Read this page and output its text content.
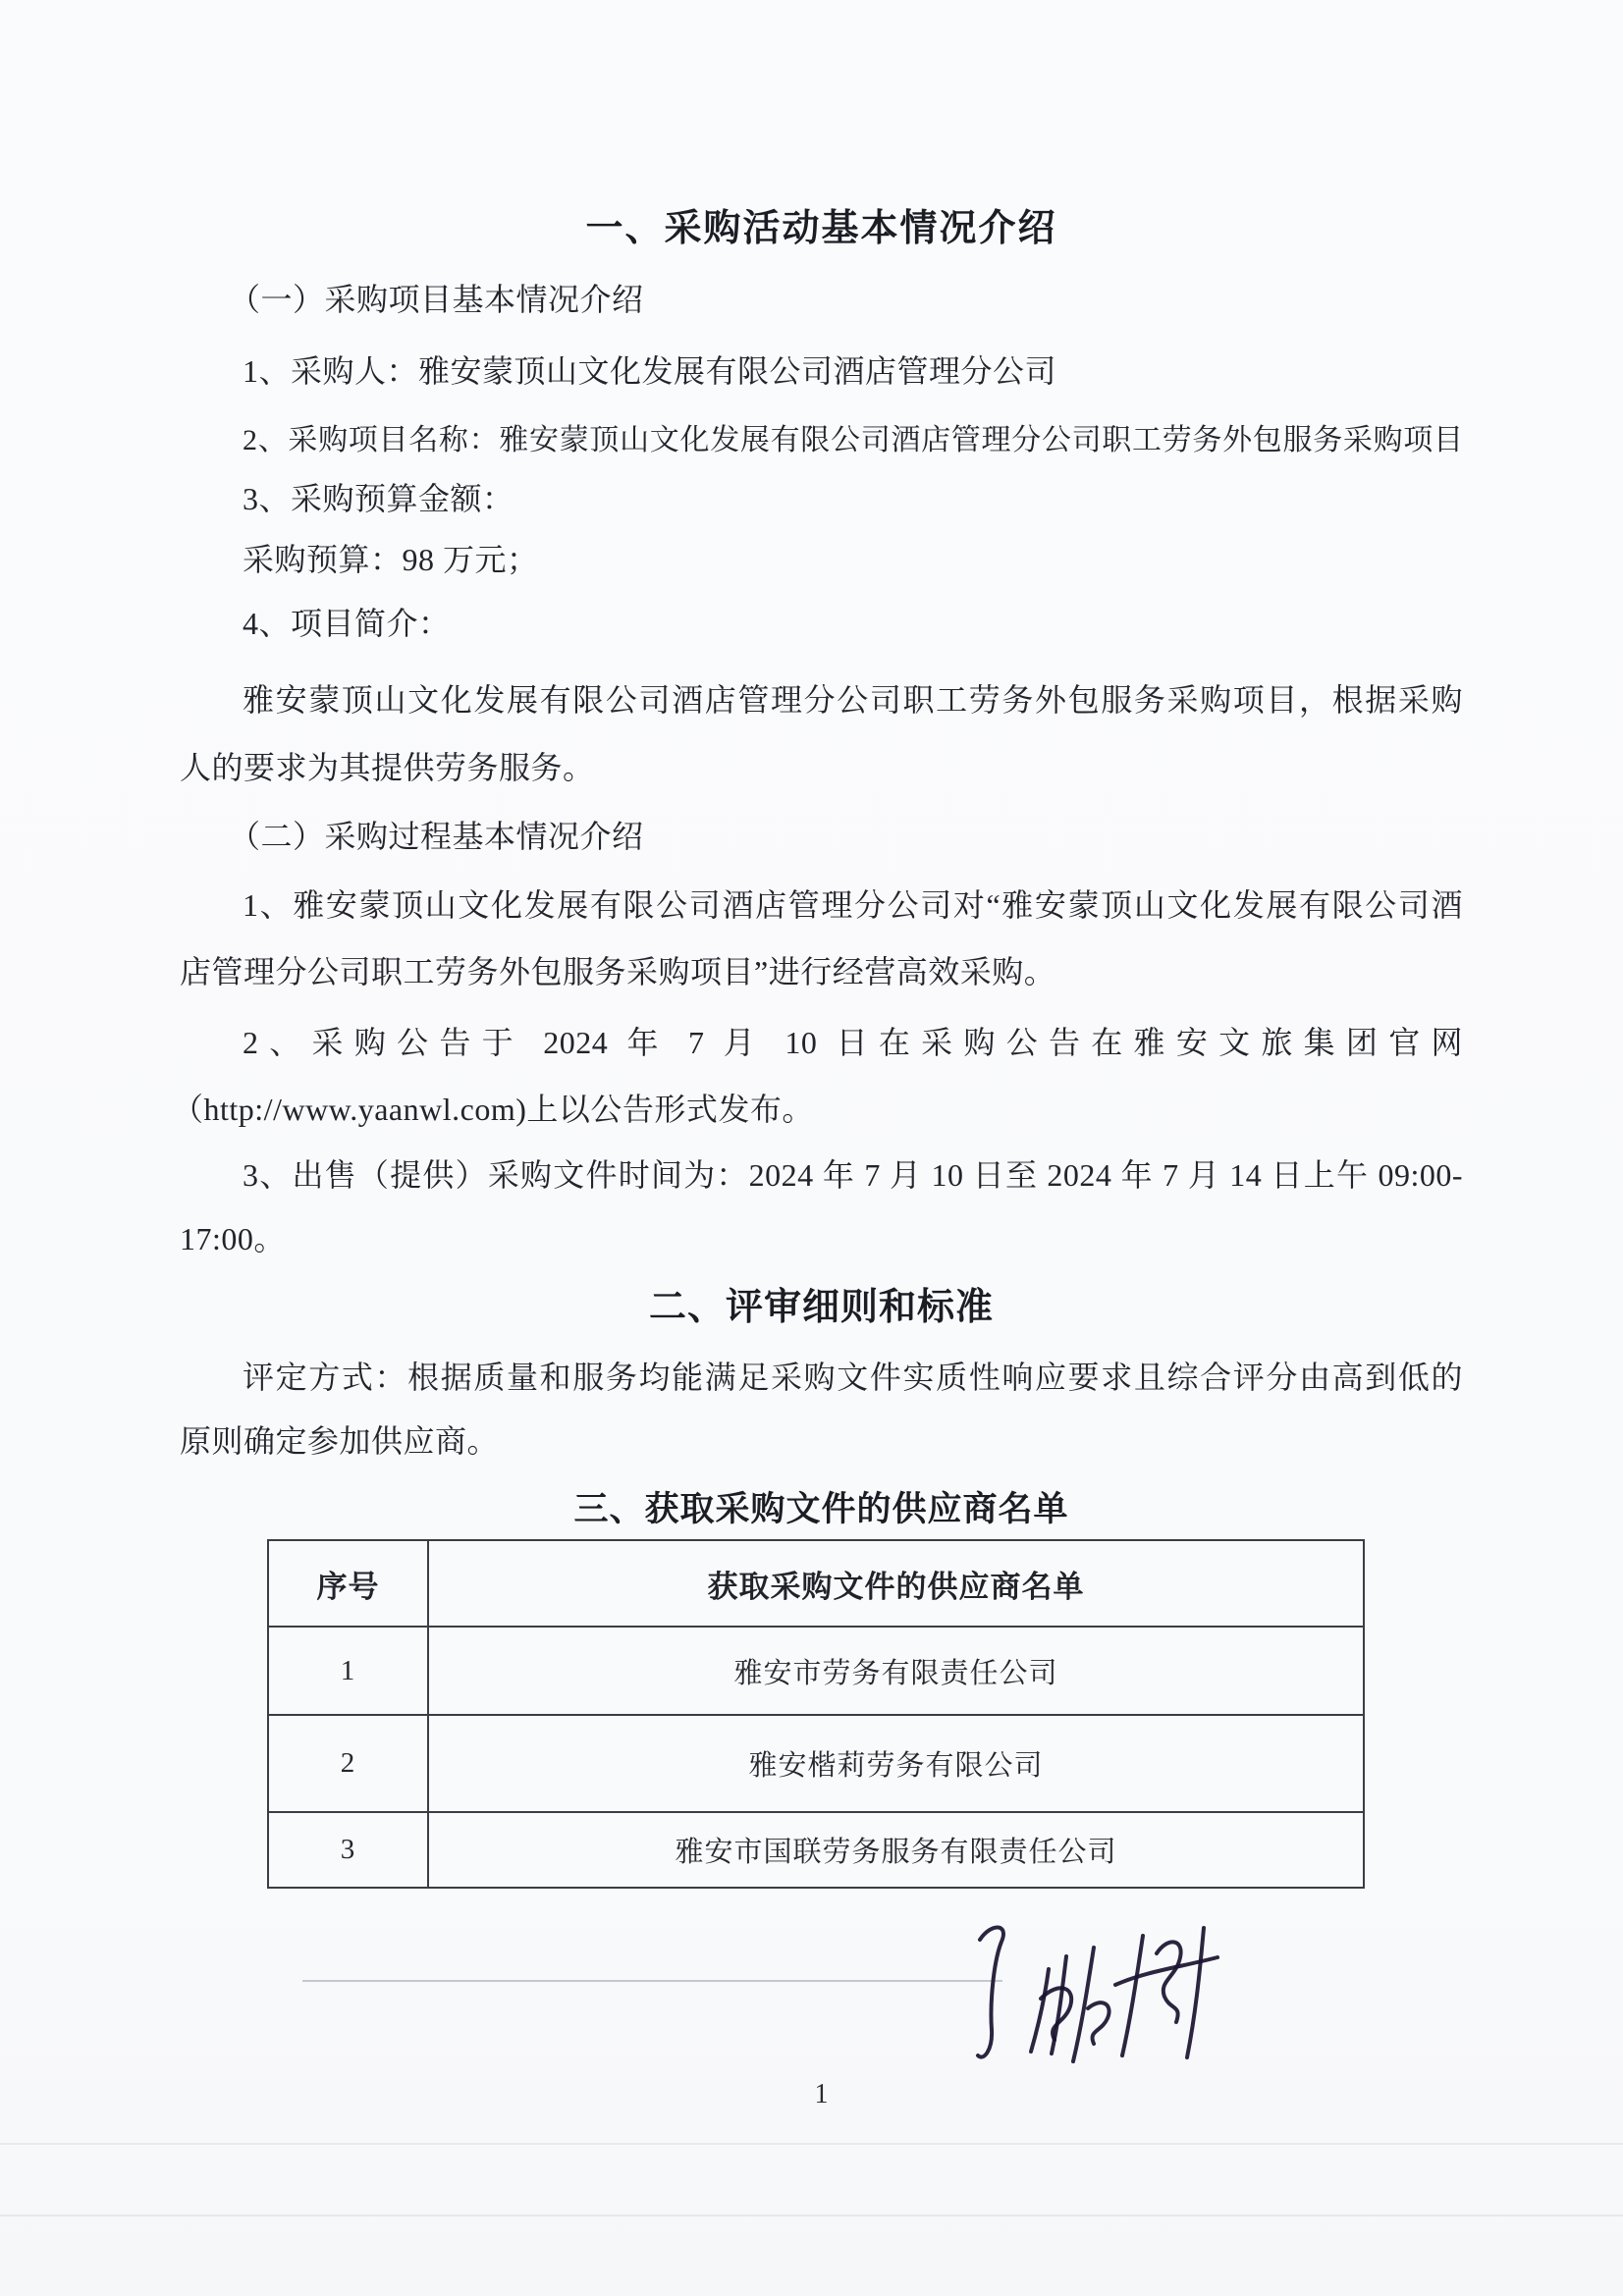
一、采购活动基本情况介绍

（一）采购项目基本情况介绍

1、采购人：雅安蒙顶山文化发展有限公司酒店管理分公司

2、采购项目名称：雅安蒙顶山文化发展有限公司酒店管理分公司职工劳务外包服务采购项目

3、采购预算金额：

采购预算：98 万元；

4、项目简介：

雅安蒙顶山文化发展有限公司酒店管理分公司职工劳务外包服务采购项目，根据采购

人的要求为其提供劳务服务。

（二）采购过程基本情况介绍

1、雅安蒙顶山文化发展有限公司酒店管理分公司对“雅安蒙顶山文化发展有限公司酒

店管理分公司职工劳务外包服务采购项目”进行经营高效采购。

2、采购公告于 2024 年 7 月 10 日在采购公告在雅安文旅集团官网

（http://www.yaanwl.com)上以公告形式发布。

3、出售（提供）采购文件时间为：2024 年 7 月 10 日至 2024 年 7 月 14 日上午 09:00-

17:00。

二、评审细则和标准

评定方式：根据质量和服务均能满足采购文件实质性响应要求且综合评分由高到低的

原则确定参加供应商。

三、获取采购文件的供应商名单
序号	获取采购文件的供应商名单
1	雅安市劳务有限责任公司
2	雅安楷莉劳务有限公司
3	雅安市国联劳务服务有限责任公司

1
